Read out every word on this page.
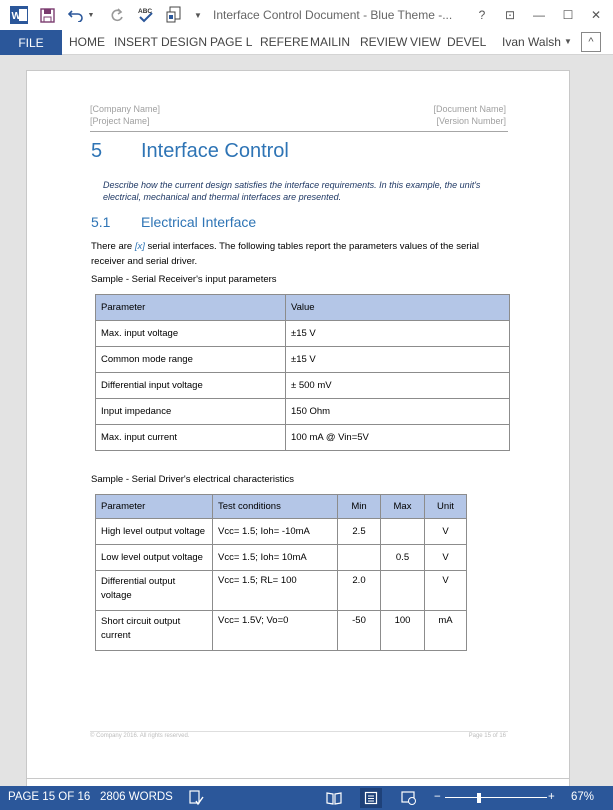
W	▼	ABC	▼ Interface Control Document - Blue Theme -...	?	⊡	—	☐	✕
FILE	HOME INSERT DESIGN PAGE L REFERE MAILIN REVIEW VIEW DEVEL Ivan Walsh ▼	^
[Company Name]
[Project Name]
[Document Name]
[Version Number]
5 Interface Control
Describe how the current design satisfies the interface requirements. In this example, the unit's electrical, mechanical and thermal interfaces are presented.
5.1 Electrical Interface
There are [x] serial interfaces. The following tables report the parameters values of the serial receiver and serial driver.
Sample - Serial Receiver's input parameters
Parameter	Value
Max. input voltage	±15 V
Common mode range	±15 V
Differential input voltage	± 500 mV
Input impedance	150 Ohm
Max. input current	100 mA @ Vin=5V
Sample - Serial Driver's electrical characteristics
Parameter	Test conditions	Min	Max	Unit
High level output voltage	Vcc= 1.5; Ioh= -10mA	2.5		V
Low level output voltage	Vcc= 1.5; Ioh= 10mA		0.5	V
Differential output voltage	Vcc= 1.5; RL= 100	2.0		V
Short circuit output current	Vcc= 1.5V; Vo=0	-50	100	mA
© Company 2016. All rights reserved.	Page 15 of 16
PAGE 15 OF 16 2806 WORDS	−	+ 67%
